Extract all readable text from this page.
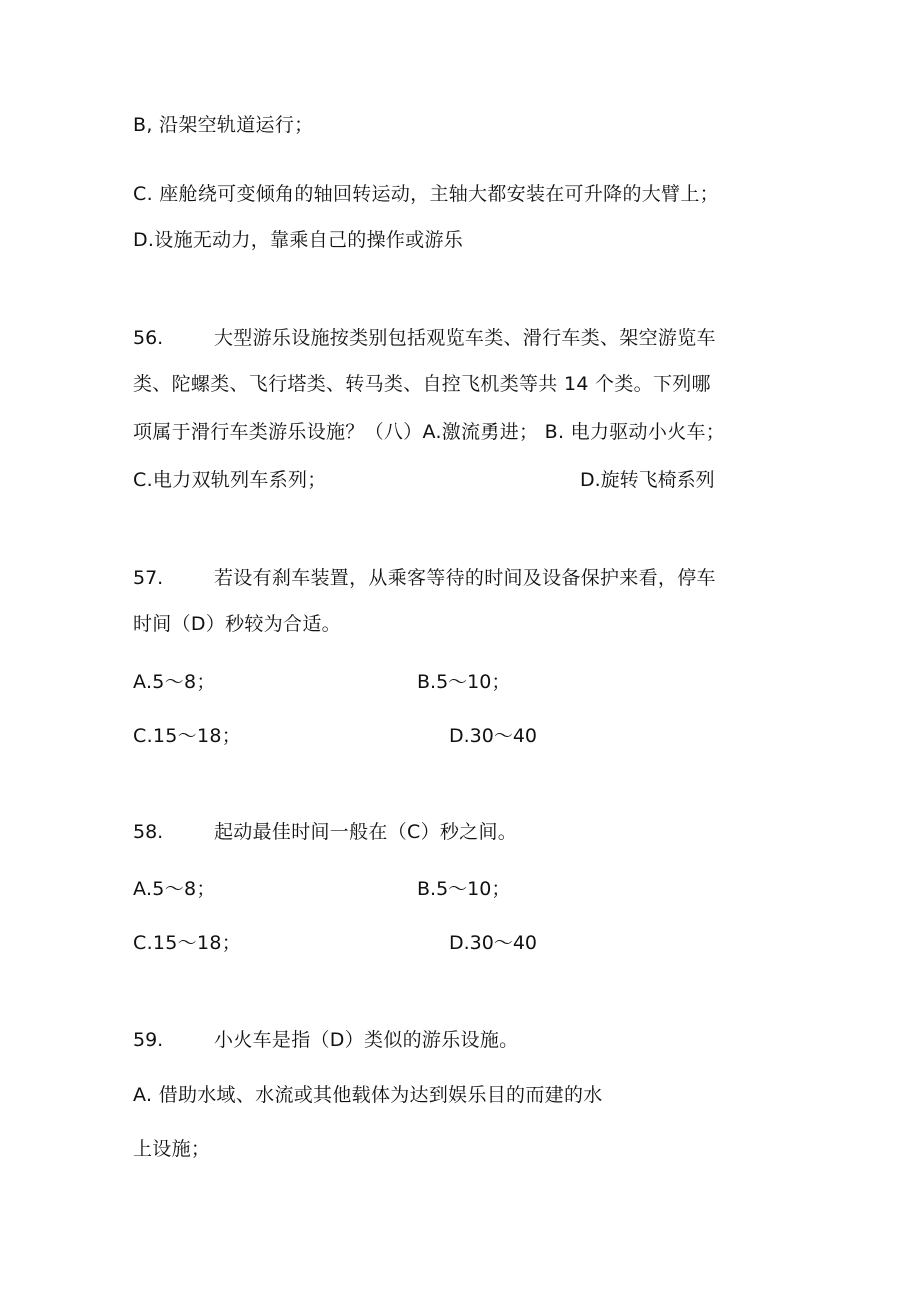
B, 沿架空轨道运行；
C. 座舱绕可变倾角的轴回转运动，主轴大都安装在可升降的大臂上；
D.设施无动力，靠乘自己的操作或游乐
56.	大型游乐设施按类别包括观览车类、滑行车类、架空游览车
类、陀螺类、飞行塔类、转马类、自控飞机类等共 14 个类。下列哪
项属于滑行车类游乐设施？（八）A.激流勇进； B. 电力驱动小火车；
C.电力双轨列车系列；	D.旋转飞椅系列
57.	若设有刹车装置，从乘客等待的时间及设备保护来看，停车
时间（D）秒较为合适。
A.5〜8；	B.5〜10；
C.15〜18；	D.30〜40
58.	起动最佳时间一般在（C）秒之间。
A.5〜8；	B.5〜10；
C.15〜18；	D.30〜40
59.	小火车是指（D）类似的游乐设施。
A. 借助水域、水流或其他载体为达到娱乐目的而建的水
上设施；
